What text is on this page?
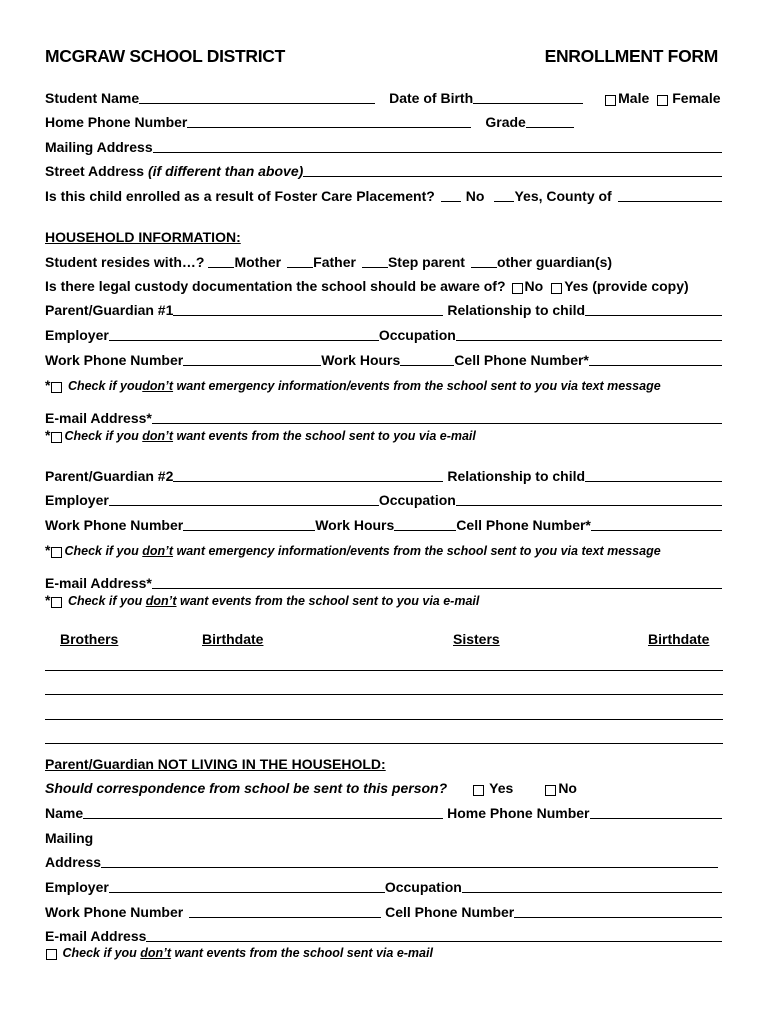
MCGRAW SCHOOL DISTRICT	ENROLLMENT FORM
Student Name	Date of Birth	Male Female
Home Phone Number	Grade
Mailing Address
Street Address
(if different than above)
Is this child enrolled as a result of Foster Care Placement? No Yes, County of
HOUSEHOLD INFORMATION:
Student resides with…? Mother Father Step parent other guardian(s)
Is there legal custody documentation the school should be aware of? No Yes (provide copy)
Parent/Guardian #1	Relationship to child
Employer	Occupation
Work Phone Number	Work Hours	Cell Phone Number*
*
Check if you don’t want emergency information/events from the school sent to you via text message
E-mail Address*
* Check if you don’t want events from the school sent to you via e-mail
Parent/Guardian #2	Relationship to child
Employer	Occupation
Work Phone Number	Work Hours	Cell Phone Number*
* Check if you don’t want emergency information/events from the school sent to you via text message
E-mail Address*
*
Check if you don’t want events from the school sent to you via e-mail
Brothers	Birthdate	Sisters	Birthdate
Parent/Guardian NOT LIVING IN THE HOUSEHOLD:
Should correspondence from school be sent to this person?	Yes	No
Name	Home Phone Number
Mailing
Address
Employer	Occupation
Work Phone Number	Cell Phone Number
E-mail Address

Check if you don’t want events from the school sent via e-mail
